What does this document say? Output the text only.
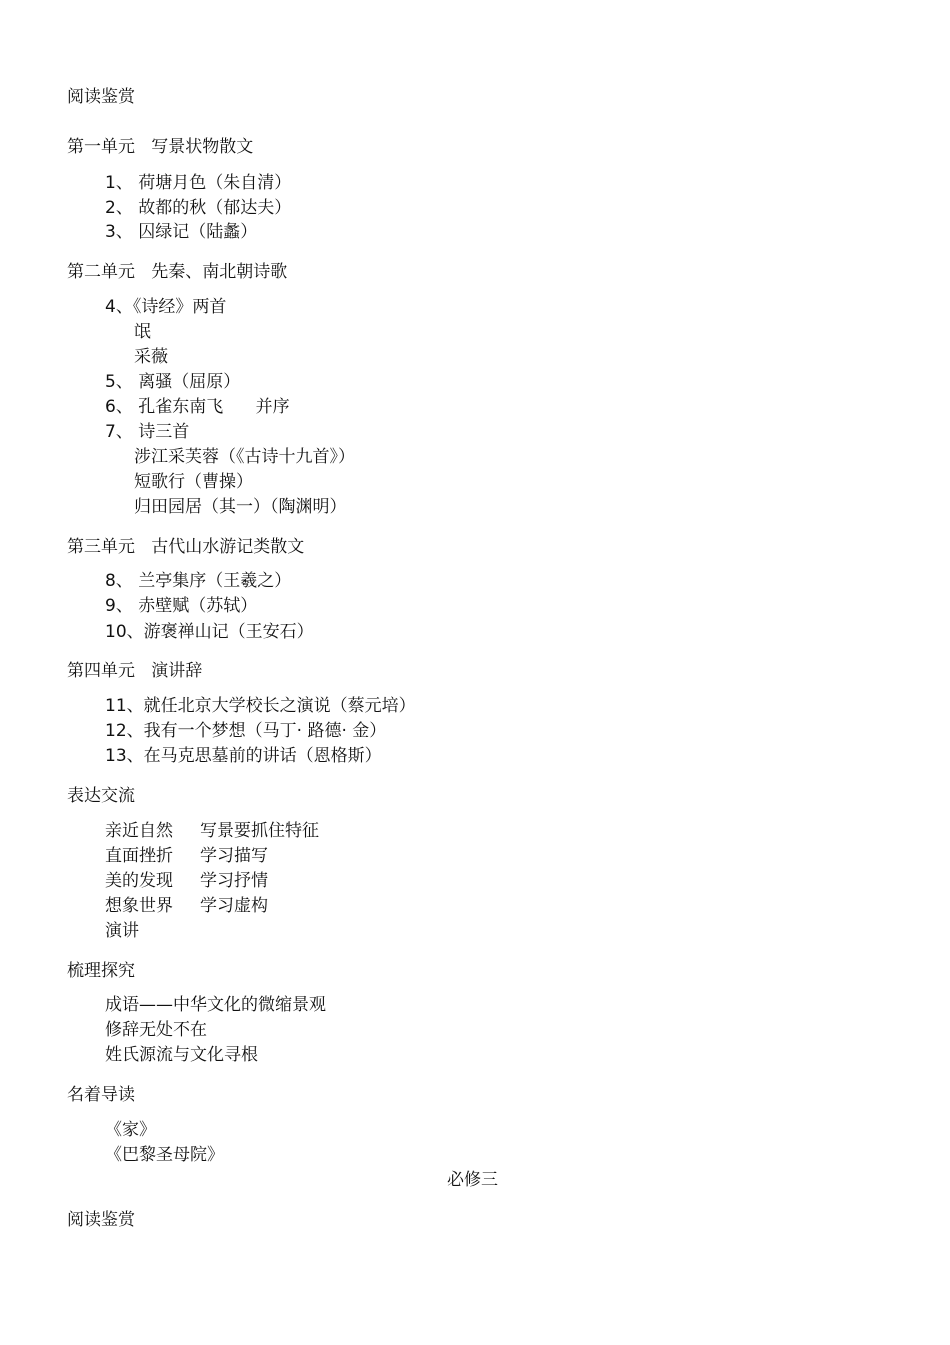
阅读鉴赏
第一单元   写景状物散文
1、 荷塘月色（朱自清）
2、 故都的秋（郁达夫）
3、 囚绿记（陆蠡）
第二单元   先秦、南北朝诗歌
4、《诗经》两首
氓
采薇
5、 离骚（屈原）
6、 孔雀东南飞      并序
7、 诗三首
涉江采芙蓉（《古诗十九首》）
短歌行（曹操）
归田园居（其一）（陶渊明）
第三单元   古代山水游记类散文
8、 兰亭集序（王羲之）
9、 赤壁赋（苏轼）
10、游褒禅山记（王安石）
第四单元   演讲辞
11、就任北京大学校长之演说（蔡元培）
12、我有一个梦想（马丁· 路德· 金）
13、在马克思墓前的讲话（恩格斯）
表达交流
亲近自然     写景要抓住特征
直面挫折     学习描写
美的发现     学习抒情
想象世界     学习虚构
演讲
梳理探究
成语——中华文化的微缩景观
修辞无处不在
姓氏源流与文化寻根
名着导读
《家》
《巴黎圣母院》
必修三
阅读鉴赏
